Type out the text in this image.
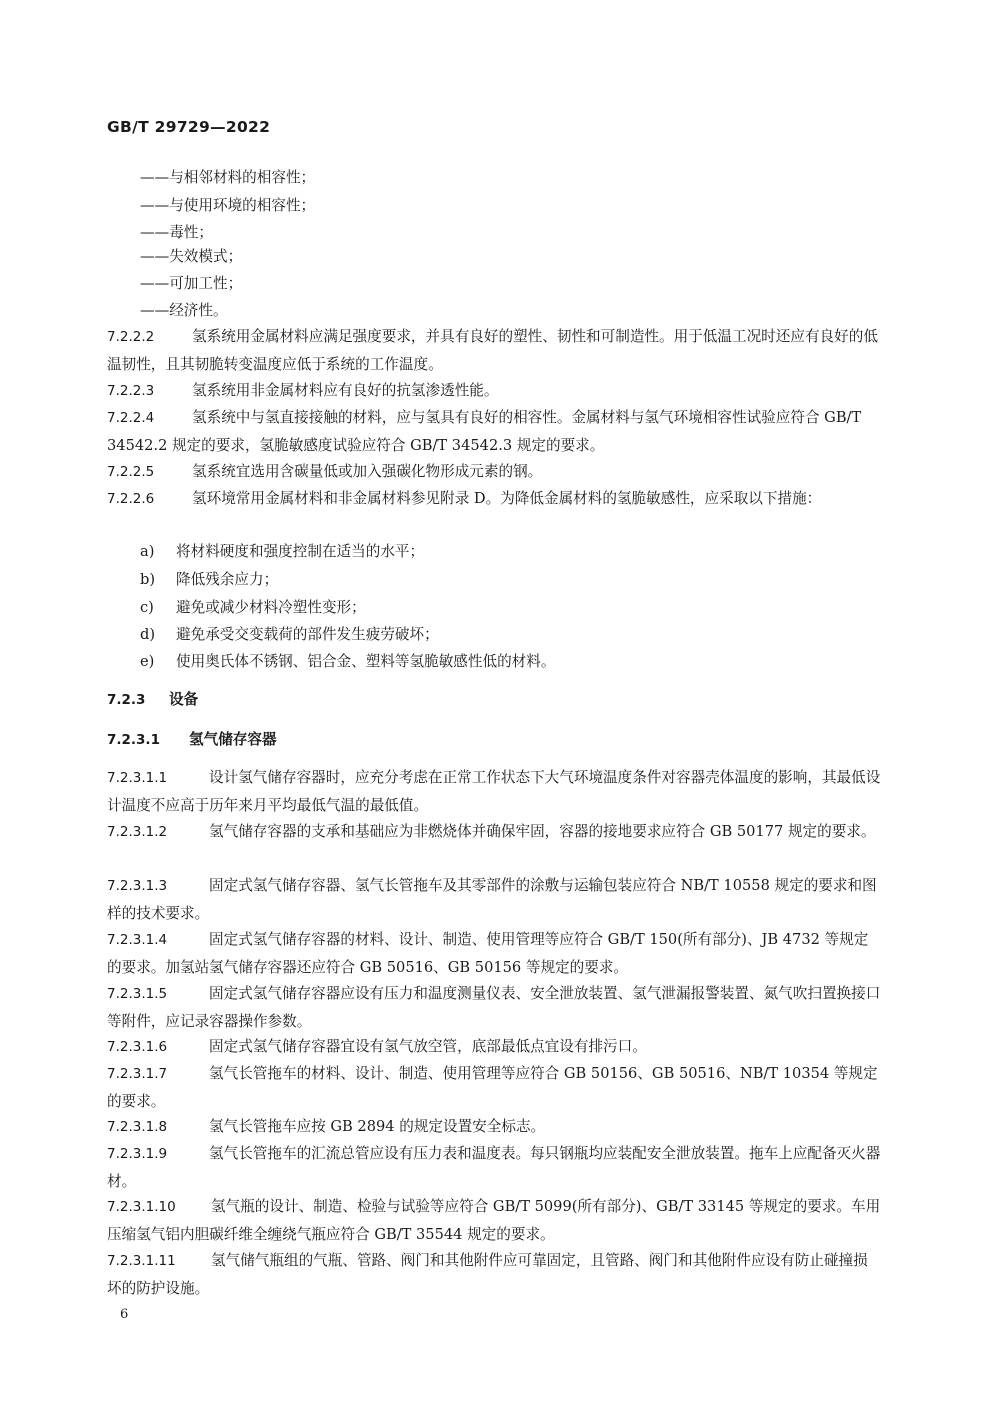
GB/T 29729—2022
——与相邻材料的相容性；
——与使用环境的相容性；
——毒性；
——失效模式；
——可加工性；
——经济性。
7.2.2.2	氢系统用金属材料应满足强度要求，并具有良好的塑性、韧性和可制造性。用于低温工况时还应有良好的低温韧性，且其韧脆转变温度应低于系统的工作温度。
7.2.2.3	氢系统用非金属材料应有良好的抗氢渗透性能。
7.2.2.4	氢系统中与氢直接接触的材料，应与氢具有良好的相容性。金属材料与氢气环境相容性试验应符合 GB/T 34542.2 规定的要求，氢脆敏感度试验应符合 GB/T 34542.3 规定的要求。
7.2.2.5	氢系统宜选用含碳量低或加入强碳化物形成元素的钢。
7.2.2.6	氢环境常用金属材料和非金属材料参见附录 D。为降低金属材料的氢脆敏感性，应采取以下措施：
a) 将材料硬度和强度控制在适当的水平；
b) 降低残余应力；
c) 避免或减少材料冷塑性变形；
d) 避免承受交变载荷的部件发生疲劳破坏；
e) 使用奥氏体不锈钢、铝合金、塑料等氢脆敏感性低的材料。
7.2.3 设备
7.2.3.1 氢气储存容器
7.2.3.1.1	设计氢气储存容器时，应充分考虑在正常工作状态下大气环境温度条件对容器壳体温度的影响，其最低设计温度不应高于历年来月平均最低气温的最低值。
7.2.3.1.2	氢气储存容器的支承和基础应为非燃烧体并确保牢固，容器的接地要求应符合 GB 50177 规定的要求。
7.2.3.1.3	固定式氢气储存容器、氢气长管拖车及其零部件的涂敷与运输包装应符合 NB/T 10558 规定的要求和图样的技术要求。
7.2.3.1.4	固定式氢气储存容器的材料、设计、制造、使用管理等应符合 GB/T 150(所有部分)、JB 4732 等规定的要求。加氢站氢气储存容器还应符合 GB 50516、GB 50156 等规定的要求。
7.2.3.1.5	固定式氢气储存容器应设有压力和温度测量仪表、安全泄放装置、氢气泄漏报警装置、氮气吹扫置换接口等附件，应记录容器操作参数。
7.2.3.1.6	固定式氢气储存容器宜设有氢气放空管，底部最低点宜设有排污口。
7.2.3.1.7	氢气长管拖车的材料、设计、制造、使用管理等应符合 GB 50156、GB 50516、NB/T 10354 等规定的要求。
7.2.3.1.8	氢气长管拖车应按 GB 2894 的规定设置安全标志。
7.2.3.1.9	氢气长管拖车的汇流总管应设有压力表和温度表。每只钢瓶均应装配安全泄放装置。拖车上应配备灭火器材。
7.2.3.1.10 氢气瓶的设计、制造、检验与试验等应符合 GB/T 5099(所有部分)、GB/T 33145 等规定的要求。车用压缩氢气铝内胆碳纤维全缠绕气瓶应符合 GB/T 35544 规定的要求。
7.2.3.1.11 氢气储气瓶组的气瓶、管路、阀门和其他附件应可靠固定，且管路、阀门和其他附件应设有防止碰撞损坏的防护设施。
6
